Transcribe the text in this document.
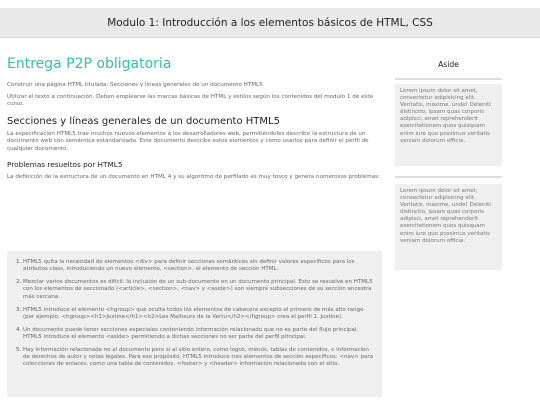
Modulo 1: Introducción a los elementos básicos de HTML, CSS
Entrega P2P obligatoria

Construir una página HTML titulada: Secciones y líneas generales de un documento HTML5.

Utilizar el texto a continuación. Deben emplearse las marcas básicas de HTML y estilos según los contenidos del modulo 1 de este curso.

Secciones y líneas generales de un documento HTML5

La especificación HTML5 trae muchos nuevos elementos a los desarrolladores web, permitiéndoles describir la estructura de un documento web con semántica estandarizada. Este documento describe estos elementos y cómo usarlos para definir el perfil de cualquier documento.

Problemas resueltos por HTML5

La definición de la estructura de un documento en HTML 4 y su algoritmo de perfilado es muy tosco y genera numerosos problemas:

1. HTML5 quita la necesidad de elementos <div> para definir secciones semánticas sin definir valores específicos para los atributos class, introduciendo un nuevo elemento, <section>, el elemento de sección HTML.
2. Mezclar varios documentos es difícil: la inclusión de un sub-documento en un documento principal. Esto se resuelve en HTML5 con los elementos de seccionado (<article>, <section>, <nav> y <aside>) son siempre subsecciones de su sección ancestra más cercana.
3. HTML5 introduce el elemento <hgroup> que oculta todos los elementos de cabecera excepto el primero de más alto rango (por ejemplo, <hgroup><h1>Justine</h1><h2>Les Malheurs de la Vertu</h2></hgroup> crea el perfil 1. Justine).
4. Un documento puede tener secciones especiales conteniendo información relacionado que no es parte del flujo principal. HTML5 introduce el elemento <aside> permitiendo a dichas secciones no ser parte del perfil principal.
5. Hay información relacionada no al documento pero si al sitio entero, como logos, menús, tablas de contenidos, o información de derechos de autor y notas legales. Para ese propósito, HTML5 introduce tres elementos de sección específicos: <nav> para colecciones de enlaces, como una tabla de contenidos, <footer> y <header> información relacionada con el sitio.
Aside

Lorem ipsum dolor sit amet, consectetur adipisicing elit. Veritatis, maxime, unde! Deleniti distinctio, ipsam quas corporis adipisci, amet reprehenderit exercitationem quos quisquam enim iure quo possimus veritatis veniam dolorum officia.

Lorem ipsum dolor sit amet, consectetur adipisicing elit. Veritatis, maxime, unde! Deleniti distinctio, ipsam quas corporis adipisci, amet reprehenderit exercitationem quos quisquam enim iure quo possimus veritatis veniam dolorum officia.
